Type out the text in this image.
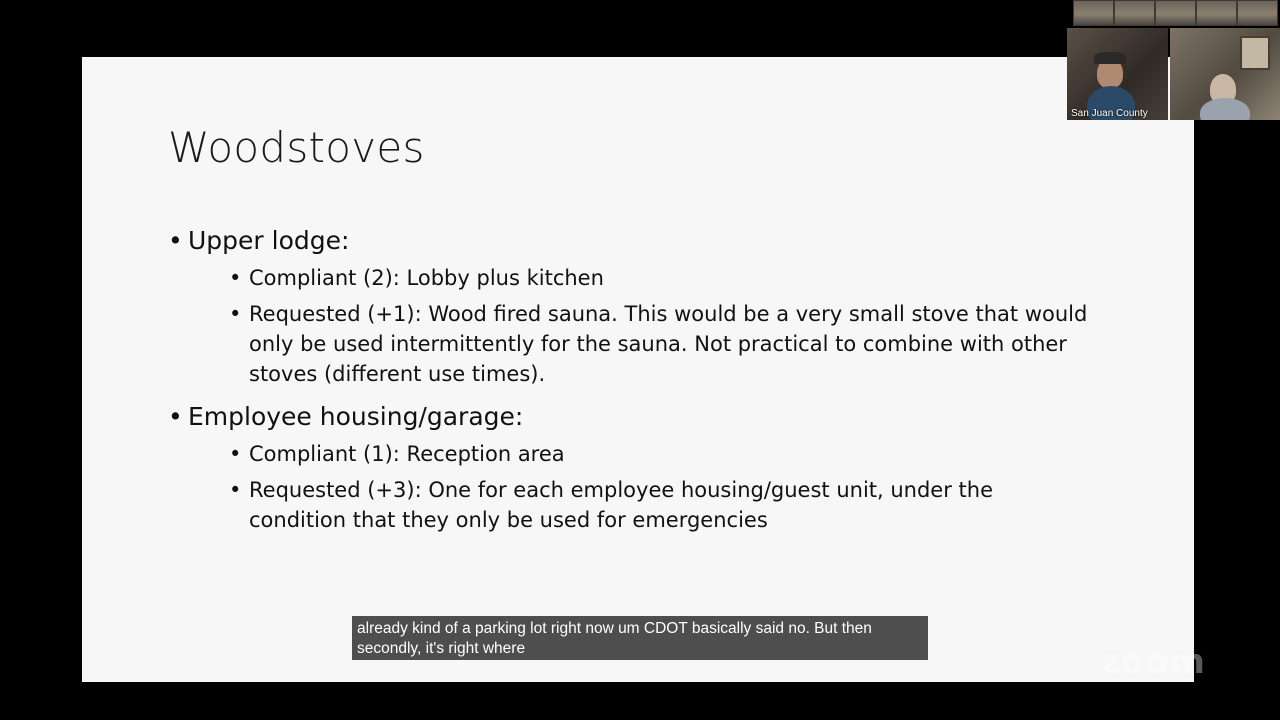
Woodstoves
• Upper lodge:
• Compliant (2): Lobby plus kitchen
• Requested (+1): Wood fired sauna. This would be a very small stove that would only be used intermittently for the sauna. Not practical to combine with other stoves (different use times).
• Employee housing/garage:
• Compliant (1): Reception area
• Requested (+3): One for each employee housing/guest unit, under the condition that they only be used for emergencies
San Juan County
already kind of a parking lot right now um CDOT basically said no. But then secondly, it's right where	zoom
